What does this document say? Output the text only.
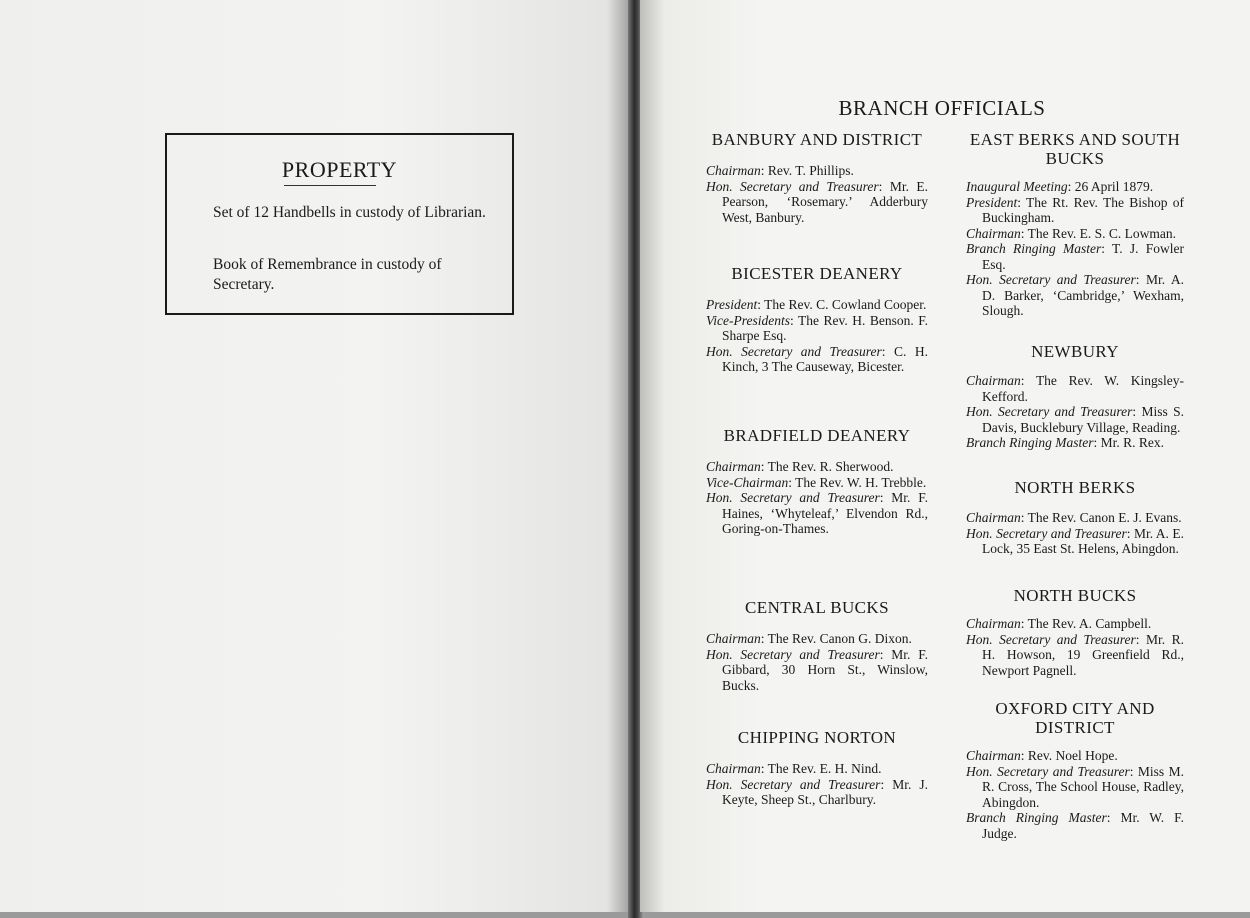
PROPERTY
Set of 12 Handbells in custody of Librarian.
Book of Remembrance in custody of Secretary.
BRANCH OFFICIALS
BANBURY AND DISTRICT

Chairman: Rev. T. Phillips.

Hon. Secretary and Treasurer: Mr. E. Pearson, ‘Rosemary.’ Adderbury West, Banbury.

BICESTER DEANERY

President: The Rev. C. Cowland Cooper.

Vice-Presidents: The Rev. H. Benson. F. Sharpe Esq.

Hon. Secretary and Treasurer: C. H. Kinch, 3 The Causeway, Bicester.

BRADFIELD DEANERY

Chairman: The Rev. R. Sherwood.

Vice-Chairman: The Rev. W. H. Trebble.

Hon. Secretary and Treasurer: Mr. F. Haines, ‘Whyteleaf,’ Elvendon Rd., Goring-on-Thames.

CENTRAL BUCKS

Chairman: The Rev. Canon G. Dixon.

Hon. Secretary and Treasurer: Mr. F. Gibbard, 30 Horn St., Winslow, Bucks.

CHIPPING NORTON

Chairman: The Rev. E. H. Nind.

Hon. Secretary and Treasurer: Mr. J. Keyte, Sheep St., Charlbury.

EAST BERKS AND SOUTH BUCKS

Inaugural Meeting: 26 April 1879.

President: The Rt. Rev. The Bishop of Buckingham.

Chairman: The Rev. E. S. C. Lowman.

Branch Ringing Master: T. J. Fowler Esq.

Hon. Secretary and Treasurer: Mr. A. D. Barker, ‘Cambridge,’ Wexham, Slough.

NEWBURY

Chairman: The Rev. W. Kingsley-Kefford.

Hon. Secretary and Treasurer: Miss S. Davis, Bucklebury Village, Reading.

Branch Ringing Master: Mr. R. Rex.

NORTH BERKS

Chairman: The Rev. Canon E. J. Evans.

Hon. Secretary and Treasurer: Mr. A. E. Lock, 35 East St. Helens, Abingdon.

NORTH BUCKS

Chairman: The Rev. A. Campbell.

Hon. Secretary and Treasurer: Mr. R. H. Howson, 19 Greenfield Rd., Newport Pagnell.

OXFORD CITY AND DISTRICT

Chairman: Rev. Noel Hope.

Hon. Secretary and Treasurer: Miss M. R. Cross, The School House, Radley, Abingdon.

Branch Ringing Master: Mr. W. F. Judge.
